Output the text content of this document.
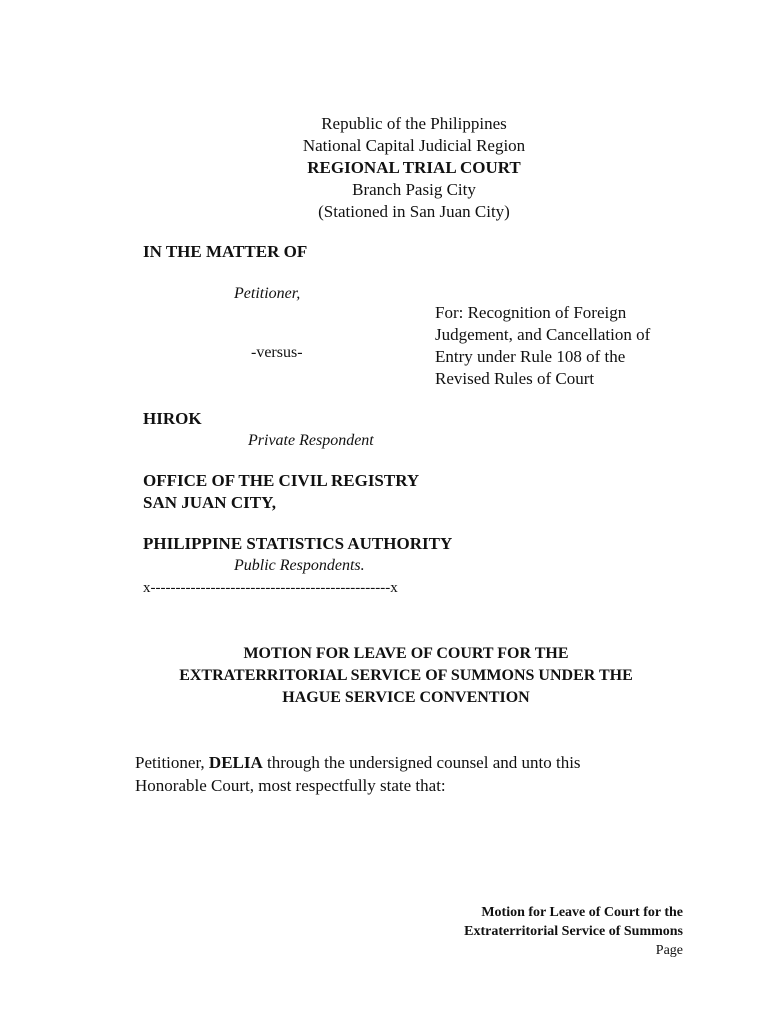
Republic of the Philippines
National Capital Judicial Region
REGIONAL TRIAL COURT
Branch Pasig City
(Stationed in San Juan City)
IN THE MATTER OF
Petitioner,
-versus-
For: Recognition of Foreign
Judgement, and Cancellation of
Entry under Rule 108 of the
Revised Rules of Court
HIROK
Private Respondent
OFFICE OF THE CIVIL REGISTRY
SAN JUAN CITY,
PHILIPPINE STATISTICS AUTHORITY
Public Respondents.
x------------------------------------------------x
MOTION FOR LEAVE OF COURT FOR THE
EXTRATERRITORIAL SERVICE OF SUMMONS UNDER THE
HAGUE SERVICE CONVENTION
Petitioner, DELIA through the undersigned counsel and unto this
Honorable Court, most respectfully state that:
Motion for Leave of Court for the
Extraterritorial Service of Summons
Page
